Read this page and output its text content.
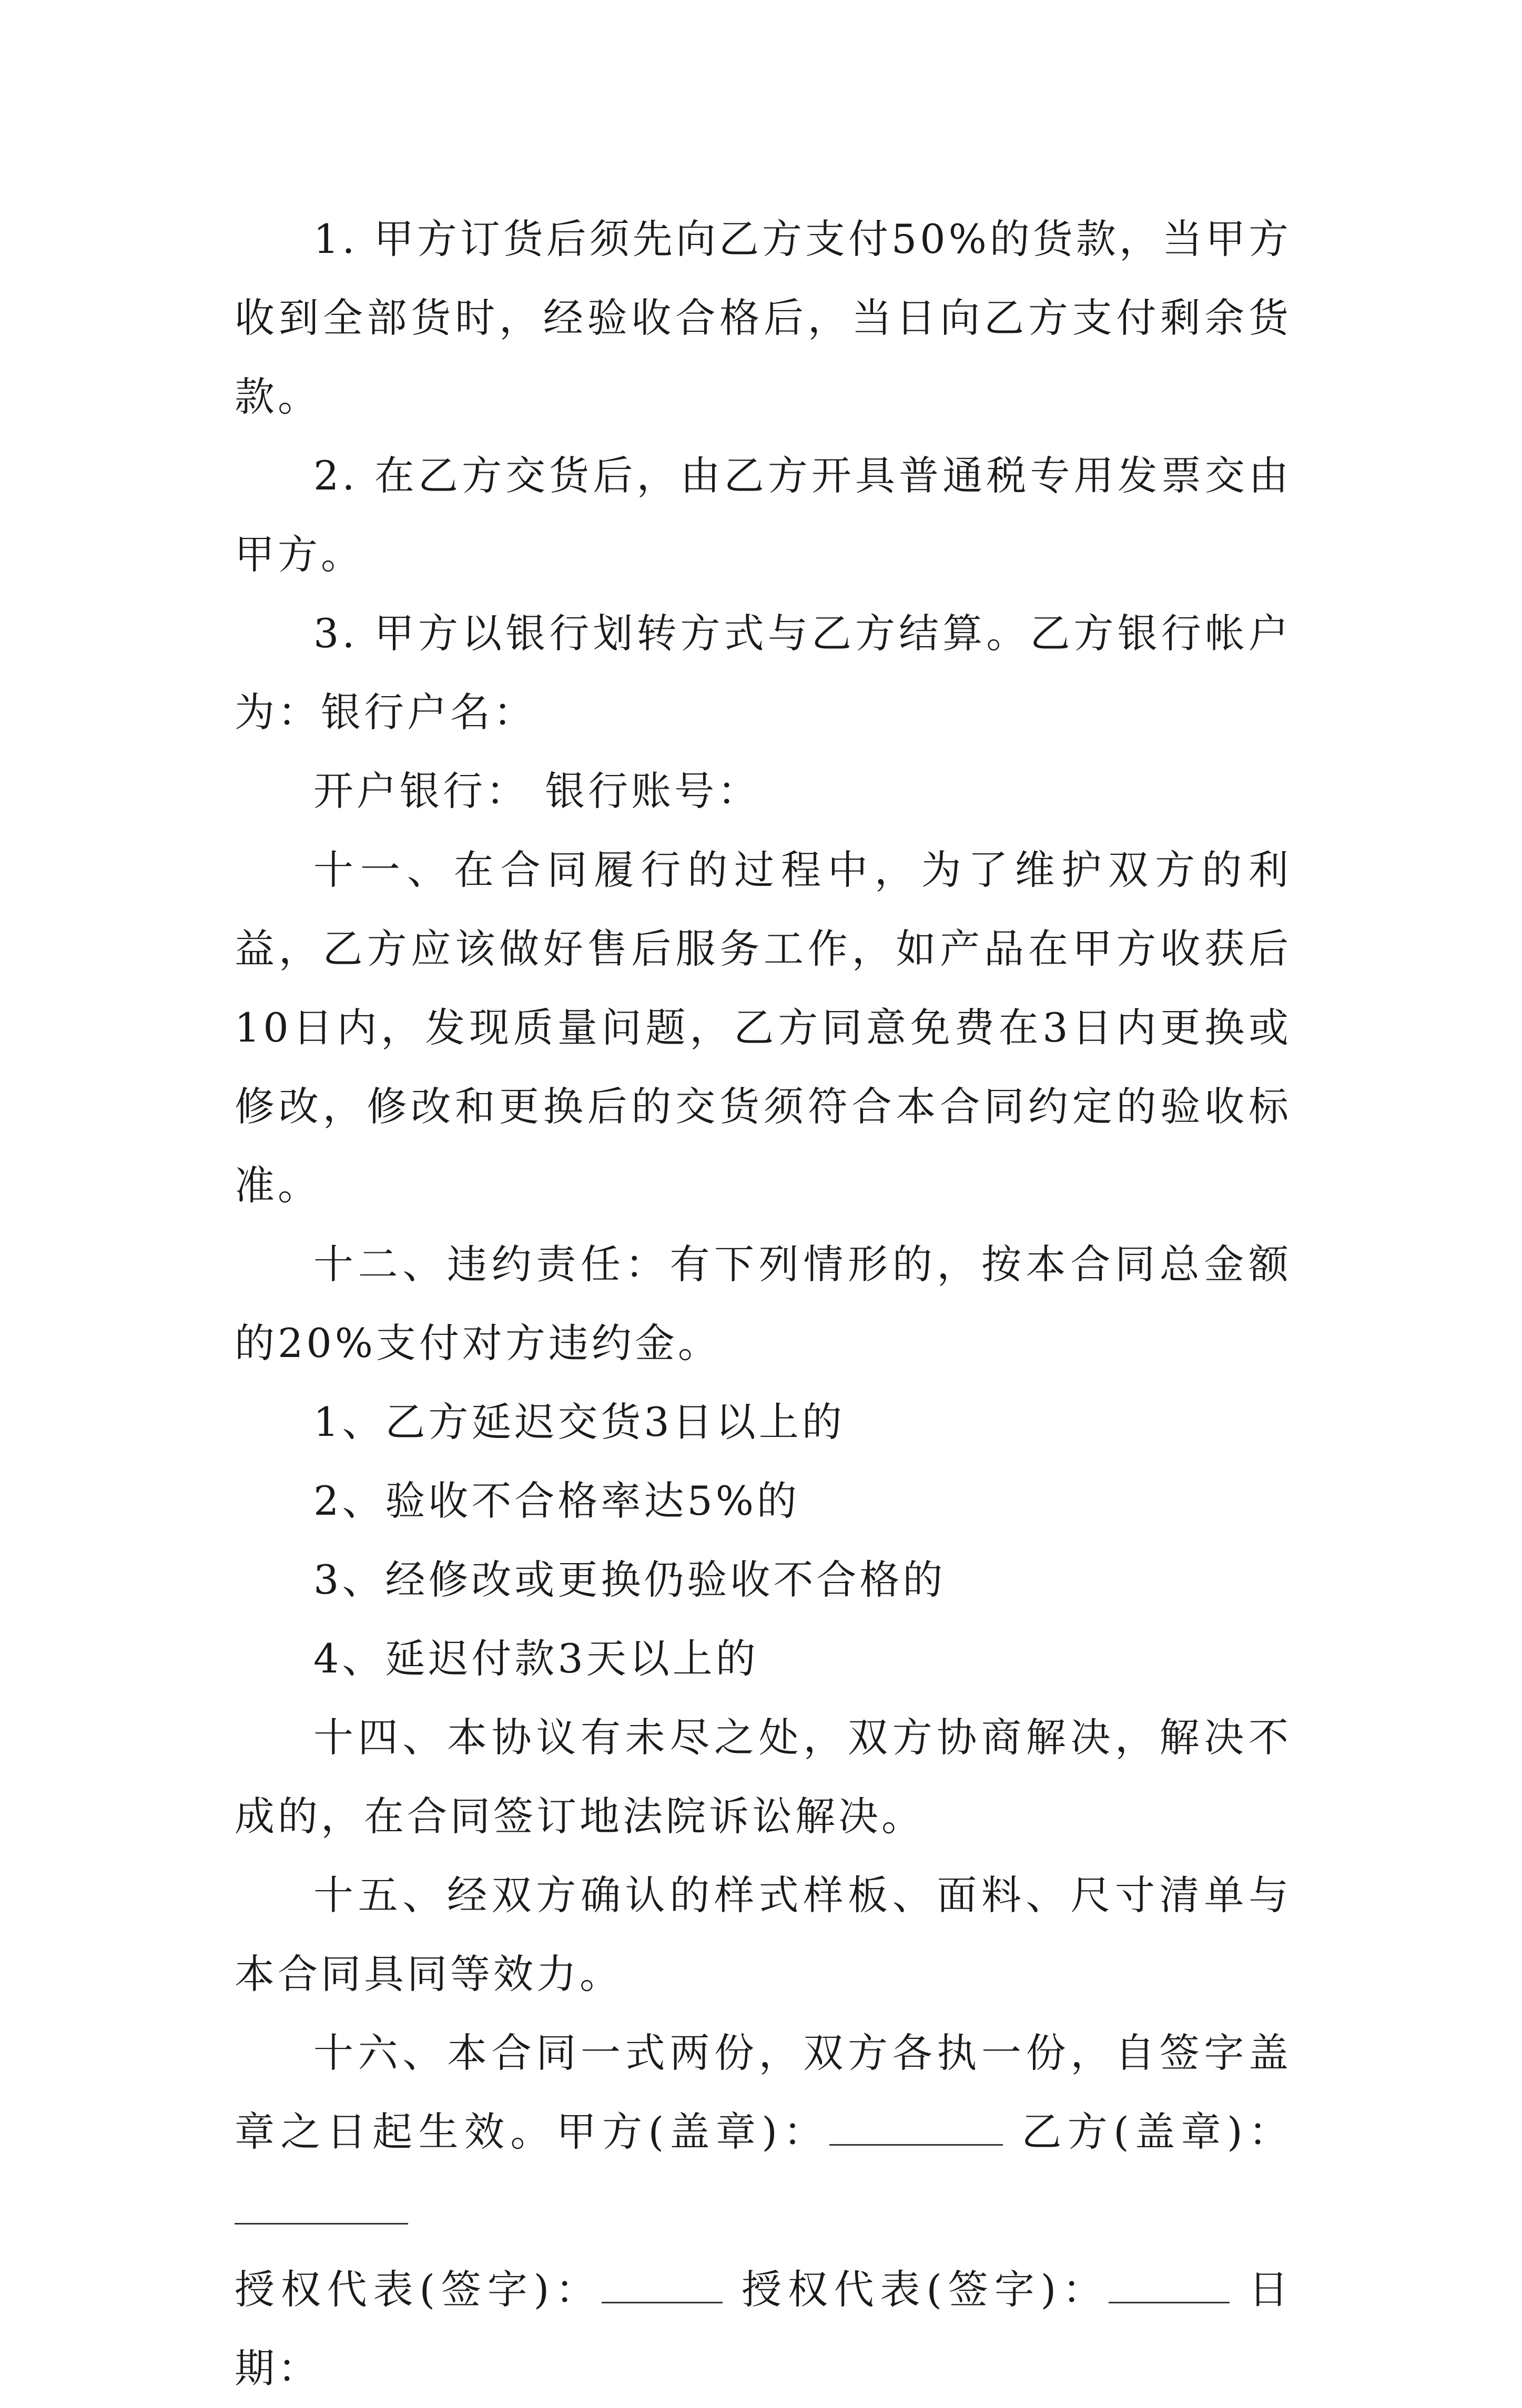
1. 甲方订货后须先向乙方支付50%的货款，当甲方收到全部货时，经验收合格后，当日向乙方支付剩余货款。

2. 在乙方交货后，由乙方开具普通税专用发票交由甲方。

3. 甲方以银行划转方式与乙方结算。乙方银行帐户为：银行户名：

开户银行： 银行账号：

十一、在合同履行的过程中，为了维护双方的利益，乙方应该做好售后服务工作，如产品在甲方收获后10日内，发现质量问题，乙方同意免费在3日内更换或修改，修改和更换后的交货须符合本合同约定的验收标准。

十二、违约责任：有下列情形的，按本合同总金额的20%支付对方违约金。

1、乙方延迟交货3日以上的

2、验收不合格率达5%的

3、经修改或更换仍验收不合格的

4、延迟付款3天以上的

十四、本协议有未尽之处，双方协商解决，解决不成的，在合同签订地法院诉讼解决。

十五、经双方确认的样式样板、面料、尺寸清单与本合同具同等效力。

十六、本合同一式两份，双方各执一份，自签字盖章之日起生效。甲方(盖章)：	乙方(盖章)：

授权代表(签字)：	授权代表(签字)：	日期：
